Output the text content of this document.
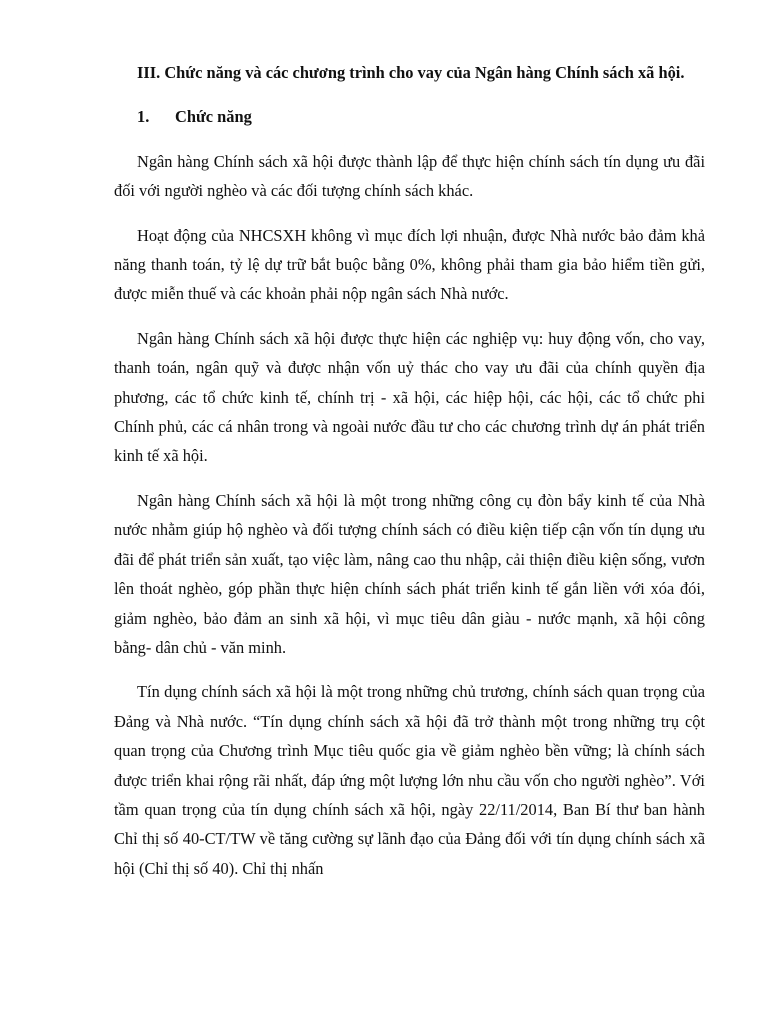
III. Chức năng và các chương trình cho vay của Ngân hàng Chính sách xã hội.

1.	Chức năng

Ngân hàng Chính sách xã hội được thành lập để thực hiện chính sách tín dụng ưu đãi đối với người nghèo và các đối tượng chính sách khác.

Hoạt động của NHCSXH không vì mục đích lợi nhuận, được Nhà nước bảo đảm khả năng thanh toán, tỷ lệ dự trữ bắt buộc bằng 0%, không phải tham gia bảo hiểm tiền gửi, được miễn thuế và các khoản phải nộp ngân sách Nhà nước.

Ngân hàng Chính sách xã hội được thực hiện các nghiệp vụ: huy động vốn, cho vay, thanh toán, ngân quỹ và được nhận vốn uỷ thác cho vay ưu đãi của chính quyền địa phương, các tổ chức kinh tế, chính trị - xã hội, các hiệp hội, các hội, các tổ chức phi Chính phủ, các cá nhân trong và ngoài nước đầu tư cho các chương trình dự án phát triển kinh tế xã hội.

Ngân hàng Chính sách xã hội là một trong những công cụ đòn bẩy kinh tế của Nhà nước nhằm giúp hộ nghèo và đối tượng chính sách có điều kiện tiếp cận vốn tín dụng ưu đãi để phát triển sản xuất, tạo việc làm, nâng cao thu nhập, cải thiện điều kiện sống, vươn lên thoát nghèo, góp phần thực hiện chính sách phát triển kinh tế gắn liền với xóa đói, giảm nghèo, bảo đảm an sinh xã hội, vì mục tiêu dân giàu - nước mạnh, xã hội công bằng- dân chủ - văn minh.

Tín dụng chính sách xã hội là một trong những chủ trương, chính sách quan trọng của Đảng và Nhà nước. “Tín dụng chính sách xã hội đã trở thành một trong những trụ cột quan trọng của Chương trình Mục tiêu quốc gia về giảm nghèo bền vững; là chính sách được triển khai rộng rãi nhất, đáp ứng một lượng lớn nhu cầu vốn cho người nghèo”. Với tầm quan trọng của tín dụng chính sách xã hội, ngày 22/11/2014, Ban Bí thư ban hành Chỉ thị số 40-CT/TW về tăng cường sự lãnh đạo của Đảng đối với tín dụng chính sách xã hội (Chỉ thị số 40). Chỉ thị nhấn
